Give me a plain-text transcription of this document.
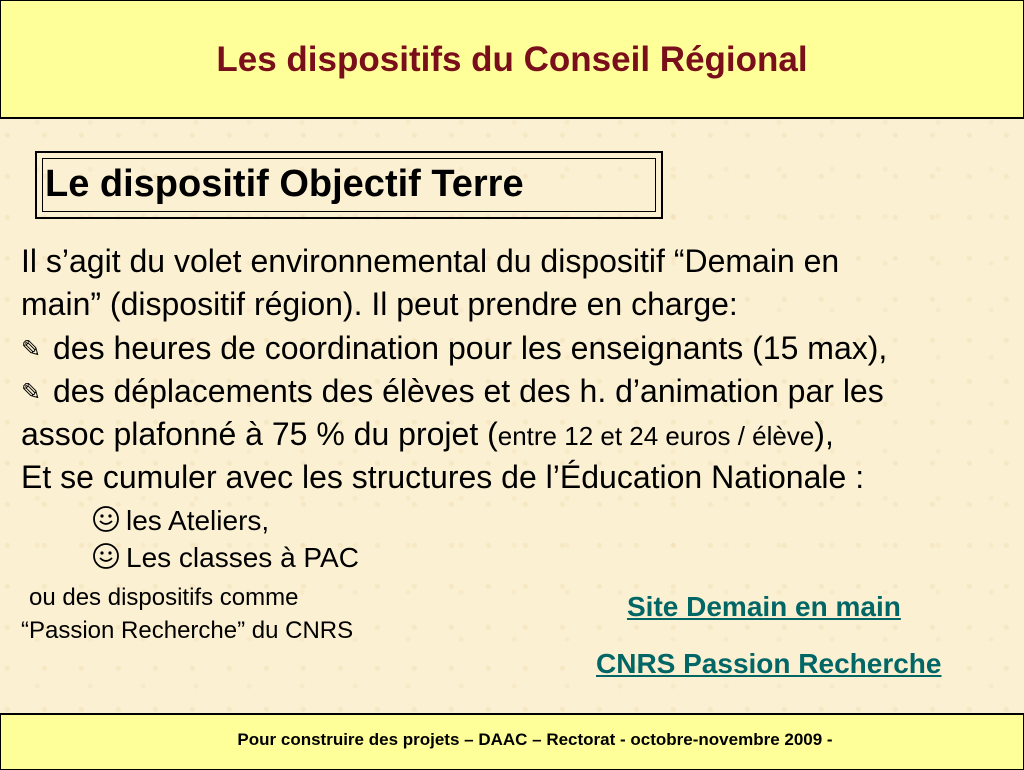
Les dispositifs du Conseil Régional
Le dispositif Objectif Terre
Il s’agit du volet environnemental du dispositif “Demain en
main” (dispositif région). Il peut prendre en charge:
✎ des heures de coordination pour les enseignants (15 max),
✎ des déplacements des élèves et des h. d’animation par les
assoc plafonné à 75 % du projet (entre 12 et 24 euros / élève),
Et se cumuler avec les structures de l’Éducation Nationale :
les Ateliers,
Les classes à PAC
ou des dispositifs comme
“Passion Recherche” du CNRS
Site Demain en main
CNRS Passion Recherche
Pour construire des projets – DAAC – Rectorat - octobre-novembre 2009 -
